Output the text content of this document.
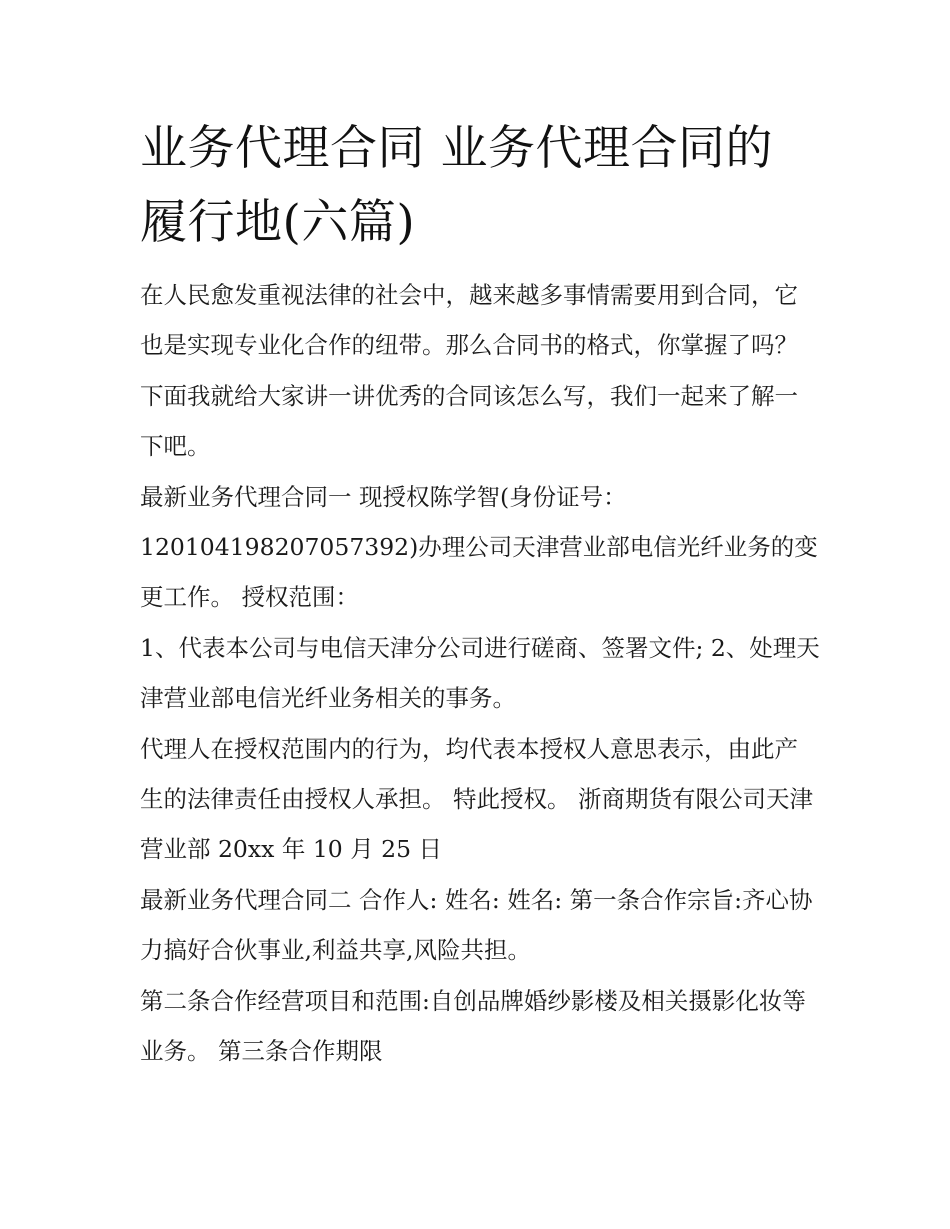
业务代理合同 业务代理合同的履行地(六篇)

在人民愈发重视法律的社会中，越来越多事情需要用到合同，它也是实现专业化合作的纽带。那么合同书的格式，你掌握了吗？下面我就给大家讲一讲优秀的合同该怎么写，我们一起来了解一下吧。

最新业务代理合同一 现授权陈学智(身份证号：120104198207057392)办理公司天津营业部电信光纤业务的变更工作。 授权范围：

1、代表本公司与电信天津分公司进行磋商、签署文件; 2、处理天津营业部电信光纤业务相关的事务。

代理人在授权范围内的行为，均代表本授权人意思表示，由此产生的法律责任由授权人承担。 特此授权。 浙商期货有限公司天津营业部 20xx 年 10 月 25 日

最新业务代理合同二 合作人: 姓名: 姓名: 第一条合作宗旨:齐心协力搞好合伙事业,利益共享,风险共担。

第二条合作经营项目和范围:自创品牌婚纱影楼及相关摄影化妆等业务。 第三条合作期限
